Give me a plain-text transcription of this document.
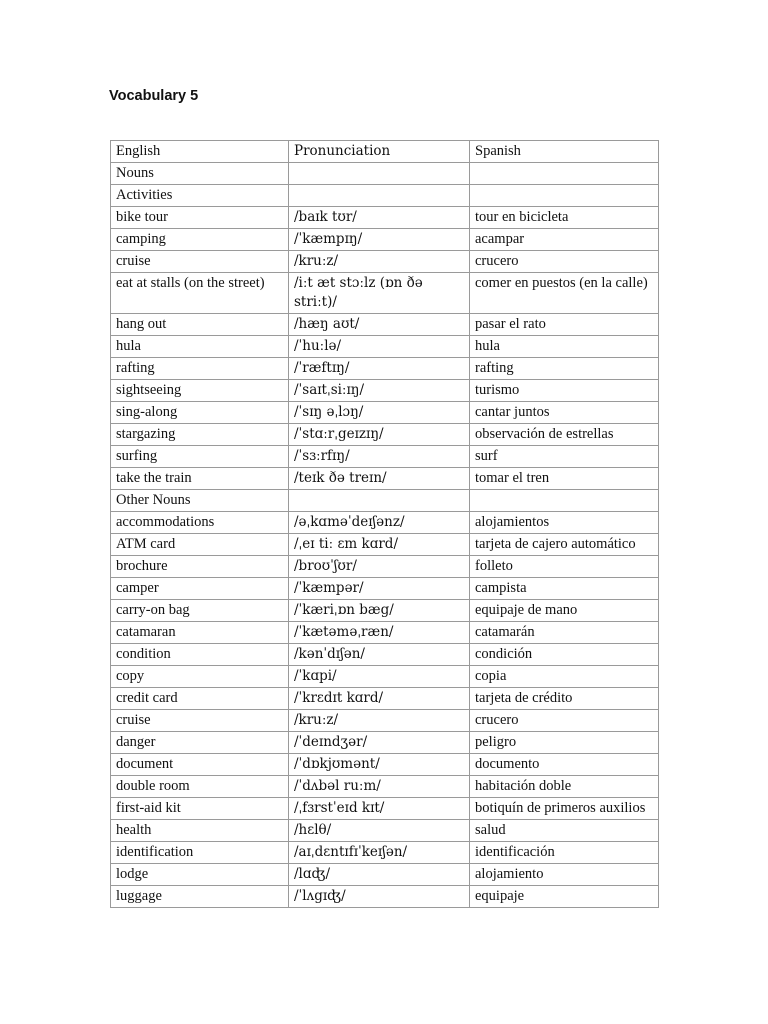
Vocabulary 5
English	Pronunciation	Spanish
Nouns		
Activities		
bike tour	/baɪk tʊr/	tour en bicicleta
camping	/ˈkæmpɪŋ/	acampar
cruise	/kruːz/	crucero
eat at stalls (on the street)	/iːt æt stɔːlz (ɒn ðə striːt)/	comer en puestos (en la calle)
hang out	/hæŋ aʊt/	pasar el rato
hula	/ˈhuːlə/	hula
rafting	/ˈræftɪŋ/	rafting
sightseeing	/ˈsaɪtˌsiːɪŋ/	turismo
sing-along	/ˈsɪŋ əˌlɔŋ/	cantar juntos
stargazing	/ˈstɑːrˌgeɪzɪŋ/	observación de estrellas
surfing	/ˈsɜːrfɪŋ/	surf
take the train	/teɪk ðə treɪn/	tomar el tren
Other Nouns		
accommodations	/əˌkɑməˈdeɪʃənz/	alojamientos
ATM card	/ˌeɪ tiː ɛm kɑrd/	tarjeta de cajero automático
brochure	/broʊˈʃʊr/	folleto
camper	/ˈkæmpər/	campista
carry-on bag	/ˈkæriˌɒn bæg/	equipaje de mano
catamaran	/ˈkætəməˌræn/	catamarán
condition	/kənˈdɪʃən/	condición
copy	/ˈkɑpi/	copia
credit card	/ˈkrɛdɪt kɑrd/	tarjeta de crédito
cruise	/kruːz/	crucero
danger	/ˈdeɪndʒər/	peligro
document	/ˈdɒkjʊmənt/	documento
double room	/ˈdʌbəl ruːm/	habitación doble
first-aid kit	/ˌfɜrstˈeɪd kɪt/	botiquín de primeros auxilios
health	/hɛlθ/	salud
identification	/aɪˌdɛntɪfɪˈkeɪʃən/	identificación
lodge	/lɑʤ/	alojamiento
luggage	/ˈlʌgɪʤ/	equipaje
